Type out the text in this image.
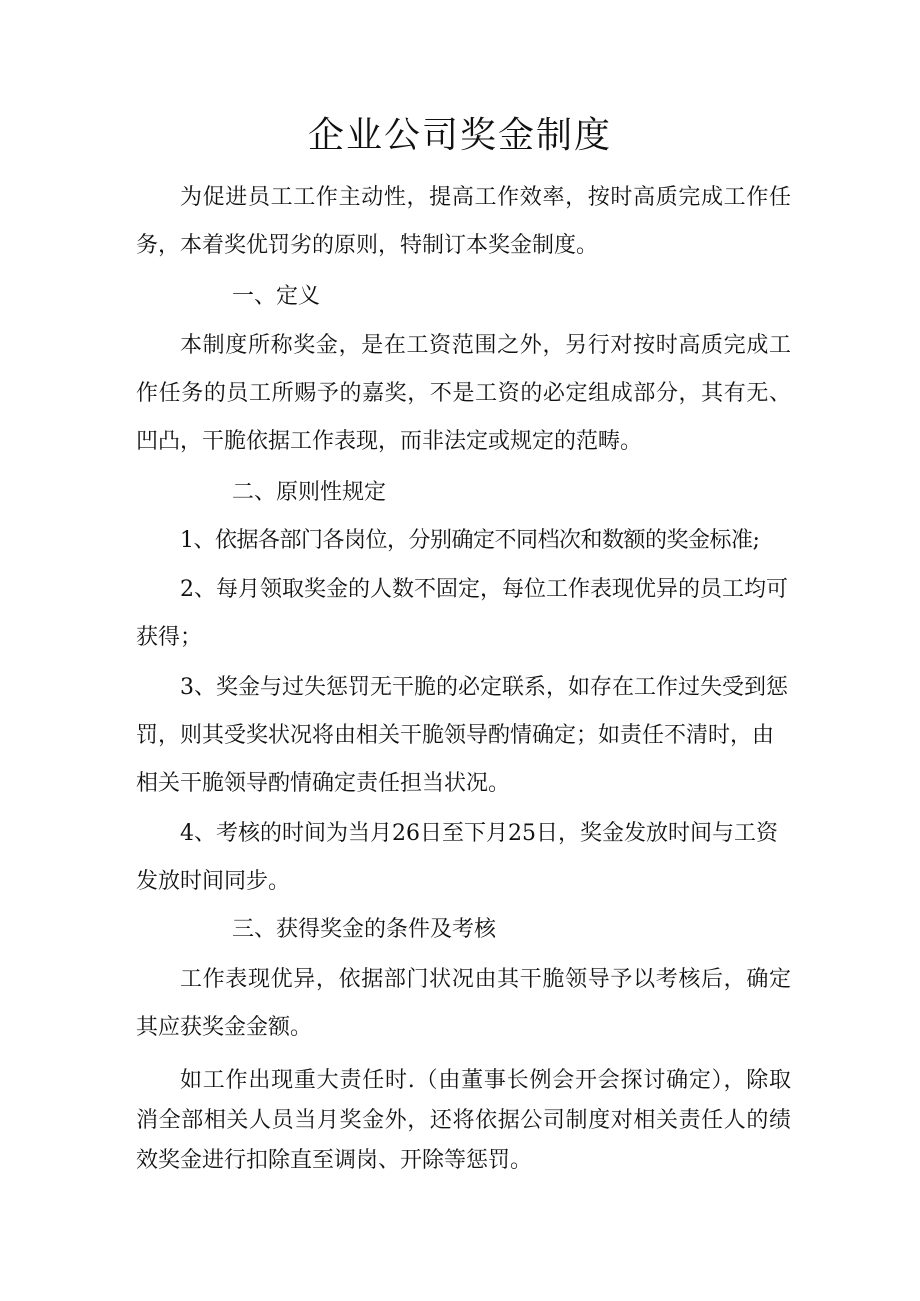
企业公司奖金制度

为促进员工工作主动性，提高工作效率，按时高质完成工作任务，本着奖优罚劣的原则，特制订本奖金制度。

一、定义

本制度所称奖金，是在工资范围之外，另行对按时高质完成工作任务的员工所赐予的嘉奖，不是工资的必定组成部分，其有无、凹凸，干脆依据工作表现，而非法定或规定的范畴。

二、原则性规定

1、依据各部门各岗位，分别确定不同档次和数额的奖金标准;

2、每月领取奖金的人数不固定，每位工作表现优异的员工均可获得；

3、奖金与过失惩罚无干脆的必定联系，如存在工作过失受到惩罚，则其受奖状况将由相关干脆领导酌情确定；如责任不清时，由相关干脆领导酌情确定责任担当状况。

4、考核的时间为当月26日至下月25日，奖金发放时间与工资发放时间同步。

三、获得奖金的条件及考核

工作表现优异，依据部门状况由其干脆领导予以考核后，确定其应获奖金金额。

如工作出现重大责任时.（由董事长例会开会探讨确定），除取消全部相关人员当月奖金外，还将依据公司制度对相关责任人的绩效奖金进行扣除直至调岗、开除等惩罚。
